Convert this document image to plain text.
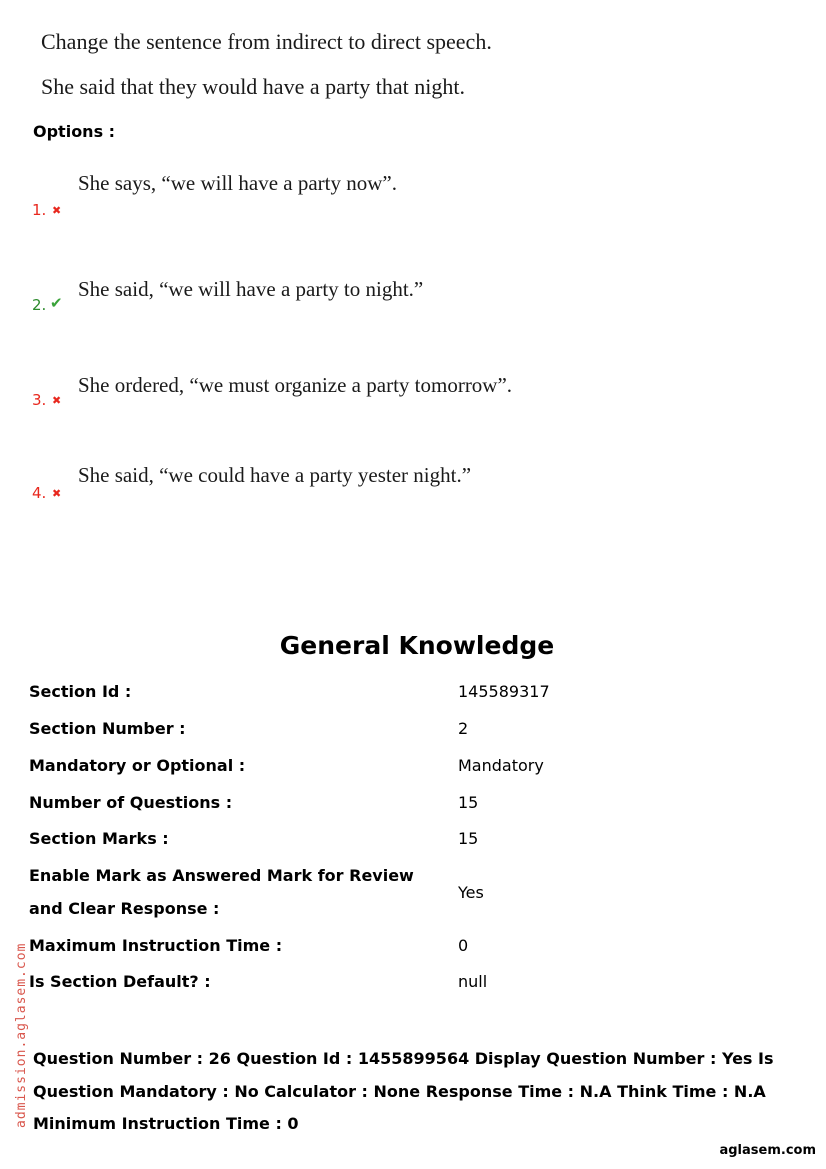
Change the sentence from indirect to direct speech.
She said that they would have a party that night.
Options :
1. ✖
She says, “we will have a party now”.
2. ✔
She said, “we will have a party to night.”
3. ✖
She ordered, “we must organize a party tomorrow”.
4. ✖
She said, “we could have a party yester night.”
General Knowledge
Section Id :	145589317
Section Number :	2
Mandatory or Optional :	Mandatory
Number of Questions :	15
Section Marks :	15
Enable Mark as Answered Mark for Review and Clear Response :
Yes
Maximum Instruction Time :	0
Is Section Default? :	null
Question Number : 26 Question Id : 1455899564 Display Question Number : Yes Is Question Mandatory : No Calculator : None Response Time : N.A Think Time : N.A Minimum Instruction Time : 0
admission.aglasem.com
aglasem.com
